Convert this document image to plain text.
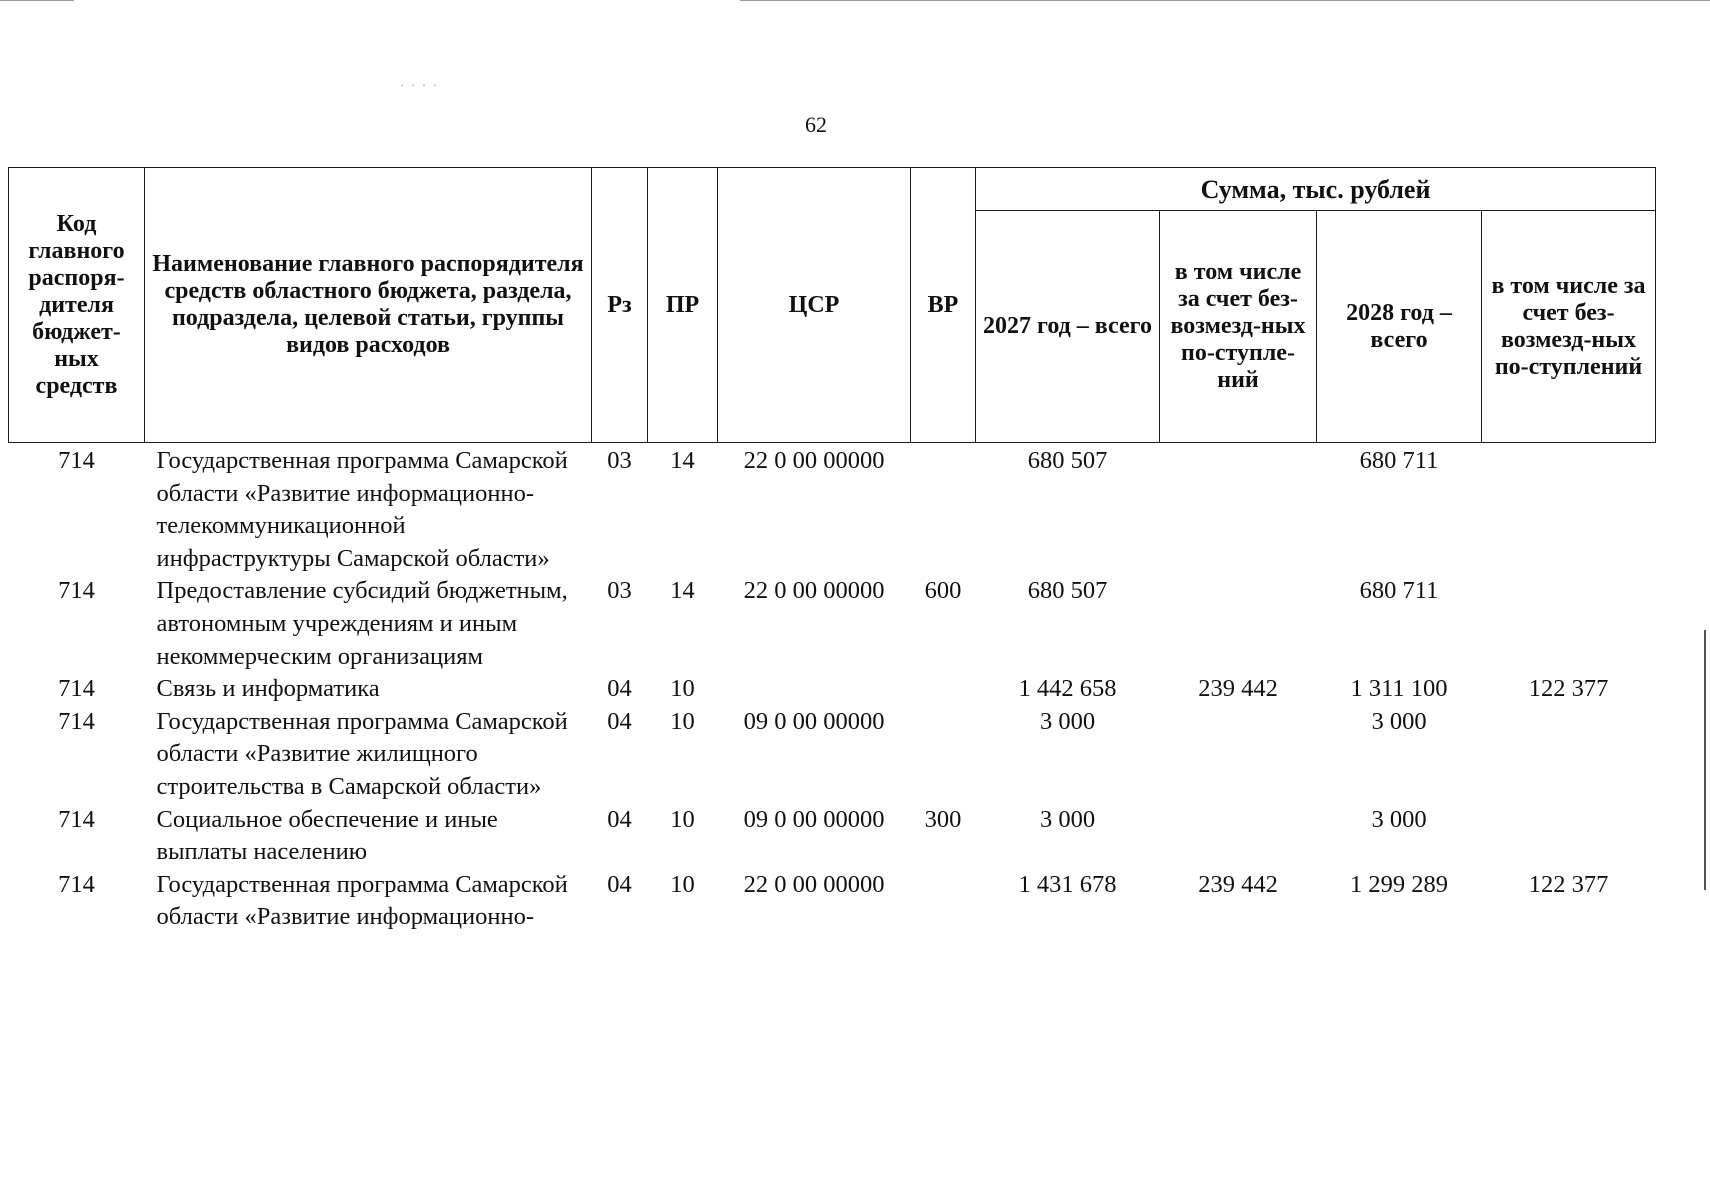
· · · ·
62
Код главного распоря-дителя бюджет-ных средств	Наименование главного распорядителя средств областного бюджета, раздела, подраздела, целевой статьи, группы видов расходов	Рз	ПР	ЦСР	ВР	Сумма, тыс. рублей			
						2027 год – всего	в том числе за счет без-возмезд-ных по-ступле-ний	2028 год – всего	в том числе за счет без-возмезд-ных по-ступлений
714	Государственная программа Самарской области «Развитие информационно-телекоммуникационной инфраструктуры Самарской области»	03	14	22 0 00 00000		680 507		680 711	
714	Предоставление субсидий бюджетным, автономным учреждениям и иным некоммерческим организациям	03	14	22 0 00 00000	600	680 507		680 711	
714	Связь и информатика	04	10			1 442 658	239 442	1 311 100	122 377
714	Государственная программа Самарской области «Развитие жилищного строительства в Самарской области»	04	10	09 0 00 00000		3 000		3 000	
714	Социальное обеспечение и иные выплаты населению	04	10	09 0 00 00000	300	3 000		3 000	
714	Государственная программа Самарской области «Развитие информационно-	04	10	22 0 00 00000		1 431 678	239 442	1 299 289	122 377
